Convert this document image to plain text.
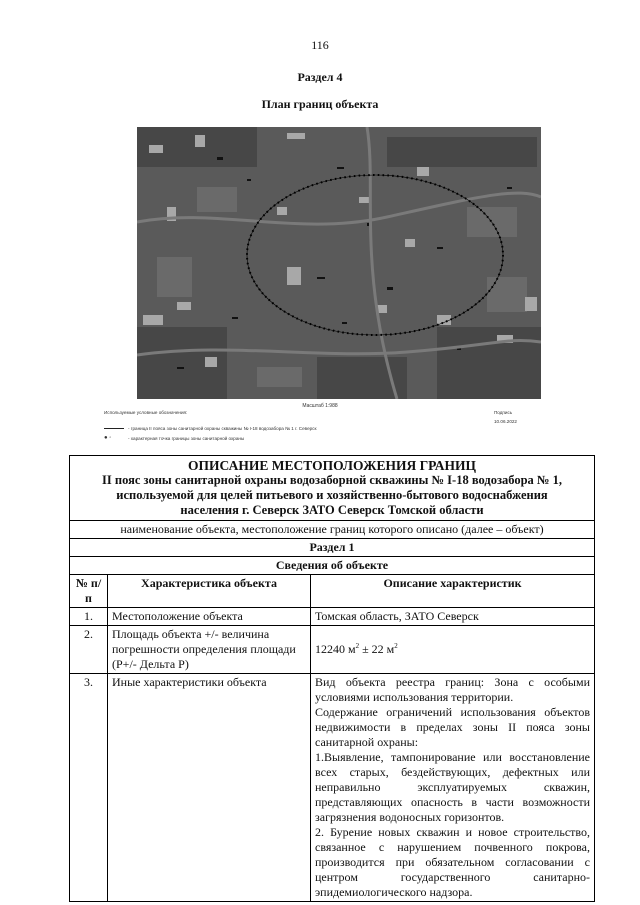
116
Раздел 4
План границ объекта
Масштаб 1:988
Используемые условные обозначения:
- граница II пояса зоны санитарной охраны скважины № I-18 водозабора № 1 г. Северск
● ◦	- характерная точка границы зоны санитарной охраны
Подпись
10.06.2022
ОПИСАНИЕ МЕСТОПОЛОЖЕНИЯ ГРАНИЦ
II пояс зоны санитарной охраны водозаборной скважины № I-18 водозабора № 1,
используемой для целей питьевого и хозяйственно-бытового водоснабжения
населения г. Северск ЗАТО Северск Томской области		

наименование объекта, местоположение границ которого описано (далее – объект)		
Раздел 1		
Сведения об объекте		
№ п/п	Характеристика объекта	Описание характеристик
1.	Местоположение объекта	Томская область, ЗАТО Северск
2.	Площадь объекта +/- величина погрешности определения площади (Р+/- Дельта Р)	12240 $м^2 \pm 22$ $м^2$
3.	Иные характеристики объекта	Вид объекта реестра границ: Зона с особыми условиями использования территории.

Содержание ограничений использования объектов недвижимости в пределах зоны II пояса зоны санитарной охраны:

1.Выявление, тампонирование или восстановление всех старых, бездействующих, дефектных или неправильно эксплуатируемых скважин, представляющих опасность в части возможности загрязнения водоносных горизонтов.

2. Бурение новых скважин и новое строительство, связанное с нарушением почвенного покрова, производится при обязательном согласовании с центром государственного санитарно-эпидемиологического надзора.
